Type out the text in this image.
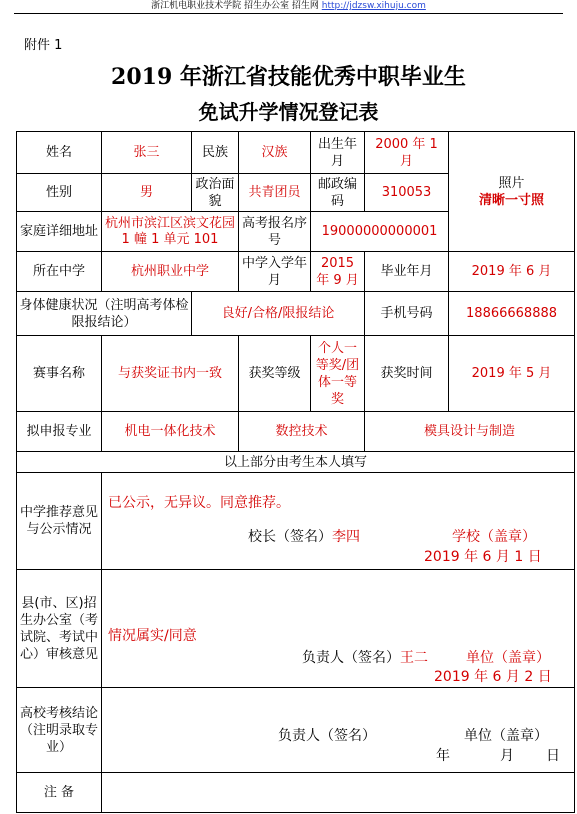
浙江机电职业技术学院 招生办公室 招生网 http://jdzsw.xihuju.com
附件 1
2019 年浙江省技能优秀中职毕业生
免试升学情况登记表
姓名	张三	民族	汉族	出生年月	2000 年 1 月	照片
清晰一寸照

性别	男	政治面貌	共青团员	邮政编码	310053	
家庭详细地址	杭州市滨江区滨文花园 1 幢 1 单元 101		高考报名序号	19000000000001		
所在中学	杭州职业中学		中学入学年月	2015 年 9 月	毕业年月	2019 年 6 月
身体健康状况（注明高考体检限报结论）		良好/合格/限报结论			手机号码	18866668888
赛事名称	与获奖证书内一致		获奖等级	个人一等奖/团体一等奖	获奖时间	2019 年 5 月
拟申报专业	机电一体化技术		数控技术		模具设计与制造	
以上部分由考生本人填写						
中学推荐意见与公示情况	已公示，无异议。同意推荐。
校长（签名）李四 学校（盖章）
2019 年 6 月 1 日					

县(市、区)招生办公室（考试院、考试中心）审核意见	情况属实/同意
负责人（签名）王二 单位（盖章）
2019 年 6 月 2 日					

高校考核结论（注明录取专业）	负责人（签名） 单位（盖章）
年 月 日					

注 备						
